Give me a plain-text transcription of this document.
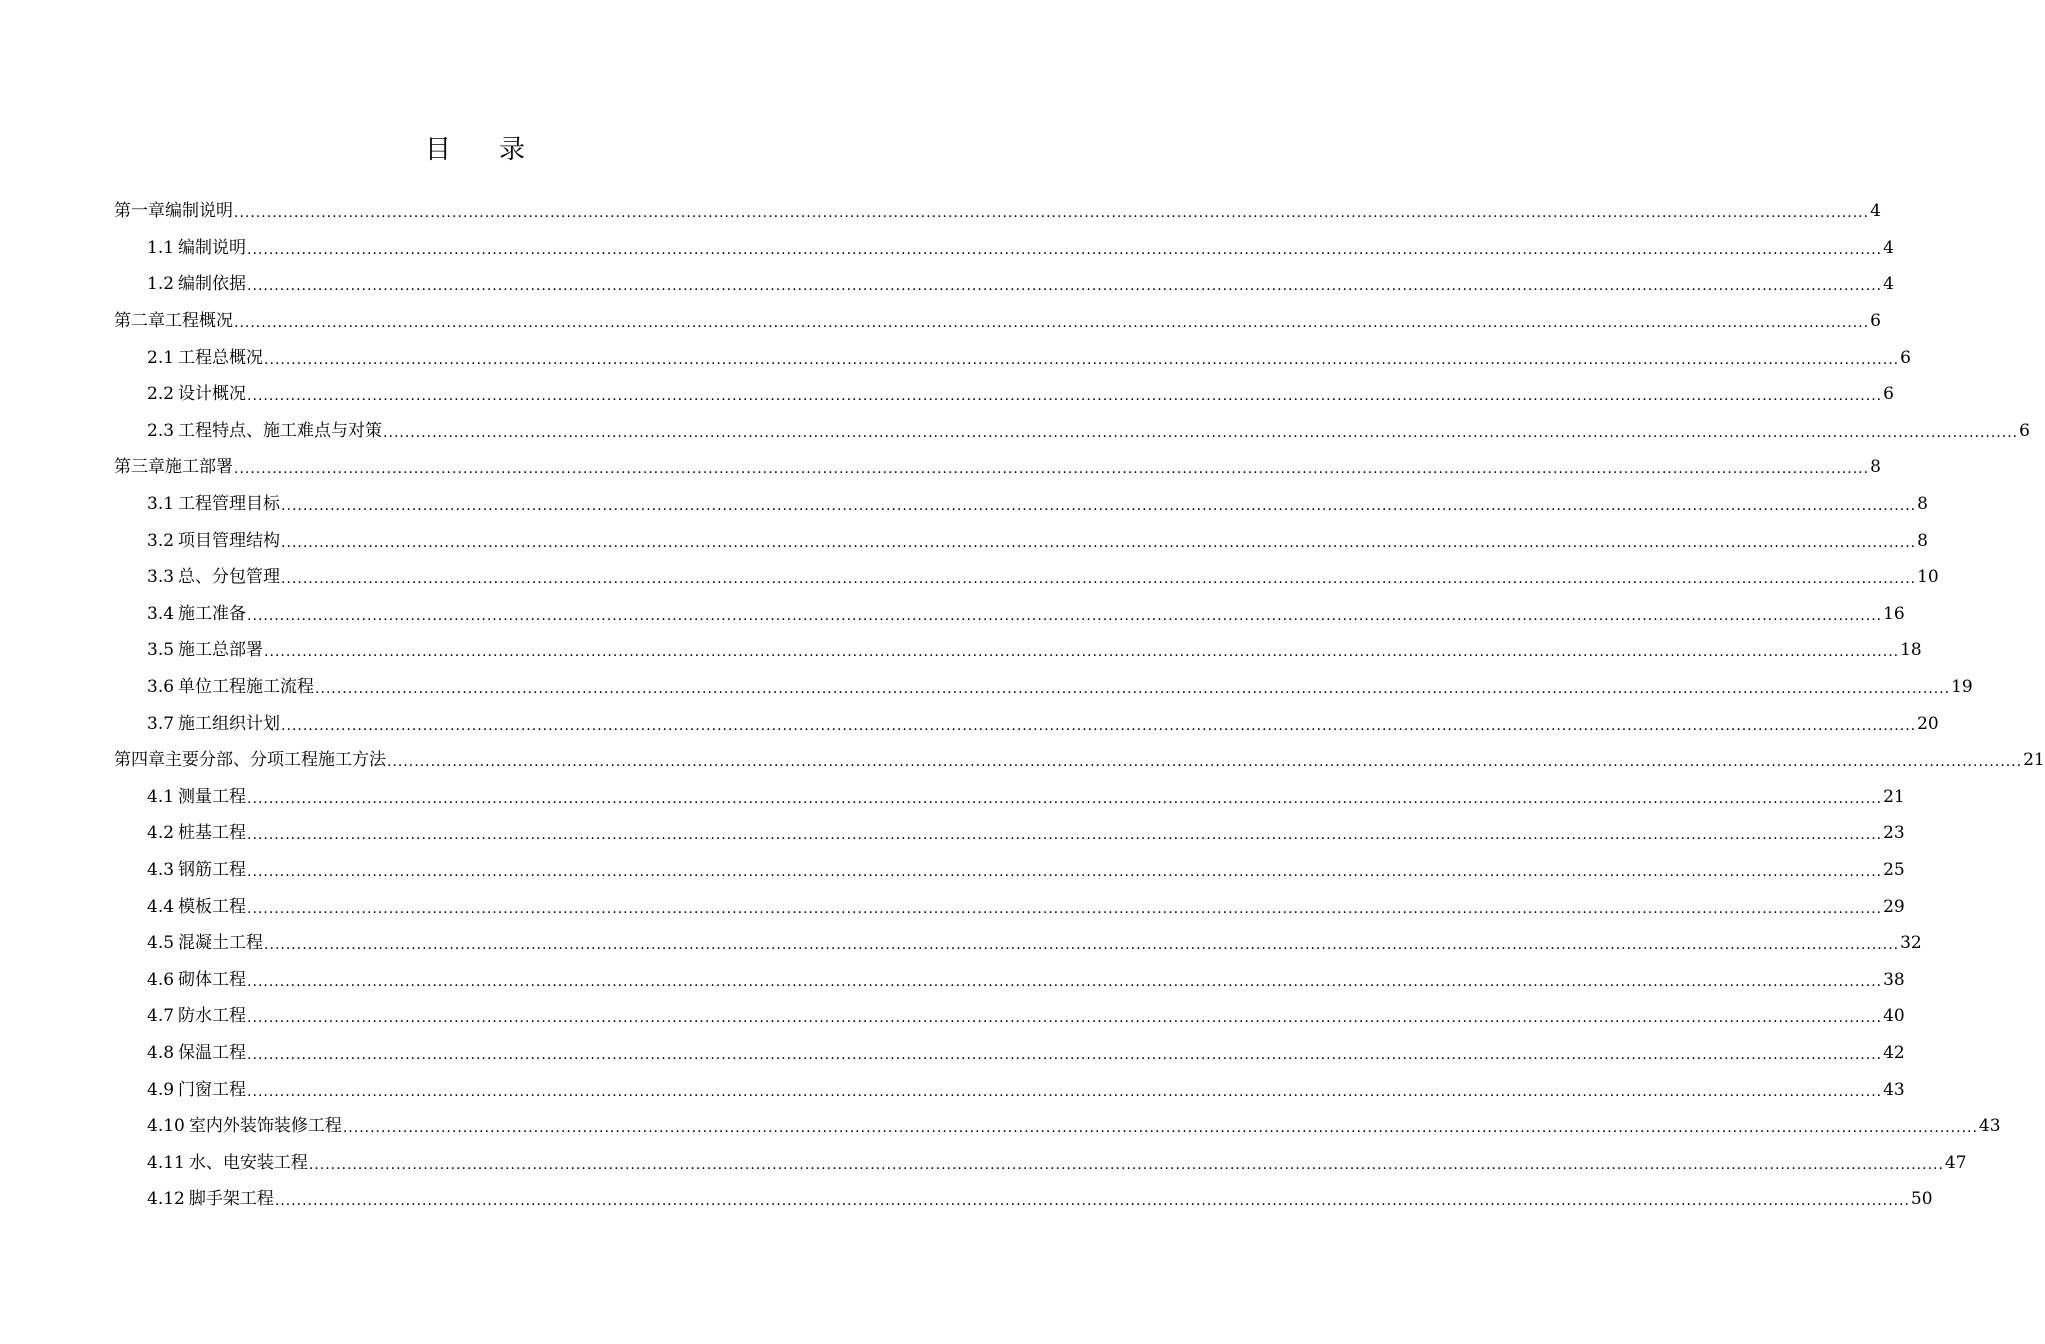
目 录
第一章 编制说明 ............................................................................................................................................................................................................................................................................................................ 4
1.1 编制说明 ............................................................................................................................................................................................................................................................................................................ 4
1.2 编制依据 ............................................................................................................................................................................................................................................................................................................ 4
第二章 工程概况 ............................................................................................................................................................................................................................................................................................................ 6
2.1 工程总概况 ............................................................................................................................................................................................................................................................................................................ 6
2.2 设计概况 ............................................................................................................................................................................................................................................................................................................ 6
2.3 工程特点、施工难点与对策 ............................................................................................................................................................................................................................................................................................................ 6
第三章 施工部署 ............................................................................................................................................................................................................................................................................................................ 8
3.1 工程管理目标 ............................................................................................................................................................................................................................................................................................................ 8
3.2 项目管理结构 ............................................................................................................................................................................................................................................................................................................ 8
3.3 总、分包管理 ............................................................................................................................................................................................................................................................................................................ 10
3.4 施工准备 ............................................................................................................................................................................................................................................................................................................ 16
3.5 施工总部署 ............................................................................................................................................................................................................................................................................................................ 18
3.6 单位工程施工流程 ............................................................................................................................................................................................................................................................................................................ 19
3.7 施工组织计划 ............................................................................................................................................................................................................................................................................................................ 20
第四章 主要分部、分项工程施工方法 ............................................................................................................................................................................................................................................................................................................ 21
4.1 测量工程 ............................................................................................................................................................................................................................................................................................................ 21
4.2 桩基工程 ............................................................................................................................................................................................................................................................................................................ 23
4.3 钢筋工程 ............................................................................................................................................................................................................................................................................................................ 25
4.4 模板工程 ............................................................................................................................................................................................................................................................................................................ 29
4.5 混凝土工程 ............................................................................................................................................................................................................................................................................................................ 32
4.6 砌体工程 ............................................................................................................................................................................................................................................................................................................ 38
4.7 防水工程 ............................................................................................................................................................................................................................................................................................................ 40
4.8 保温工程 ............................................................................................................................................................................................................................................................................................................ 42
4.9 门窗工程 ............................................................................................................................................................................................................................................................................................................ 43
4.10 室内外装饰装修工程 ............................................................................................................................................................................................................................................................................................................ 43
4.11 水、电安装工程 ............................................................................................................................................................................................................................................................................................................ 47
4.12 脚手架工程 ............................................................................................................................................................................................................................................................................................................ 50
